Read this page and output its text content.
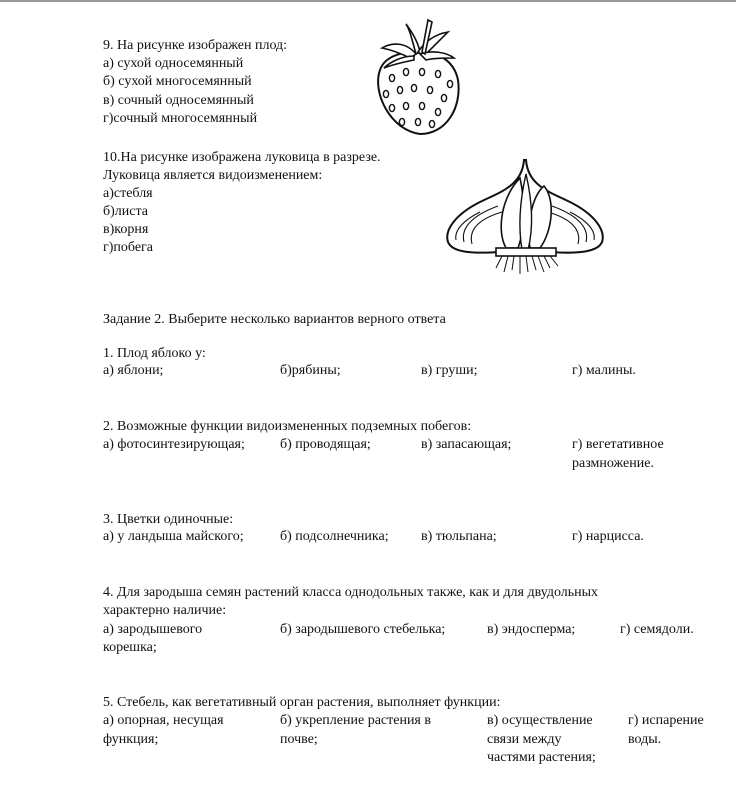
9. На рисунке изображен плод:
а) сухой односемянный
б) сухой многосемянный
в) сочный односемянный
г)сочный многосемянный
10.На рисунке изображена луковица в разрезе.
Луковица является видоизменением:
а)стебля
б)листа
в)корня
г)побега
Задание 2. Выберите несколько вариантов верного ответа
1. Плод яблоко у:
а) яблони;	б)рябины;	в) груши;	г) малины.
2. Возможные функции видоизмененных подземных побегов:
а) фотосинтезирующая;	б) проводящая;	в) запасающая;	г) вегетативное
размножение.
3. Цветки одиночные:
а) у ландыша майского;	б) подсолнечника; в) тюльпана;	г) нарцисса.
4. Для зародыша семян растений класса однодольных также, как и для двудольных
характерно наличие:
а) зародышевого
корешка;
б) зародышевого стебелька;	в) эндосперма;	г) семядоли.
5. Стебель, как вегетативный орган растения, выполняет функции:
а) опорная, несущая
функция;
б) укрепление растения в
почве;
в) осуществление
связи между
частями растения;
г) испарение
воды.
